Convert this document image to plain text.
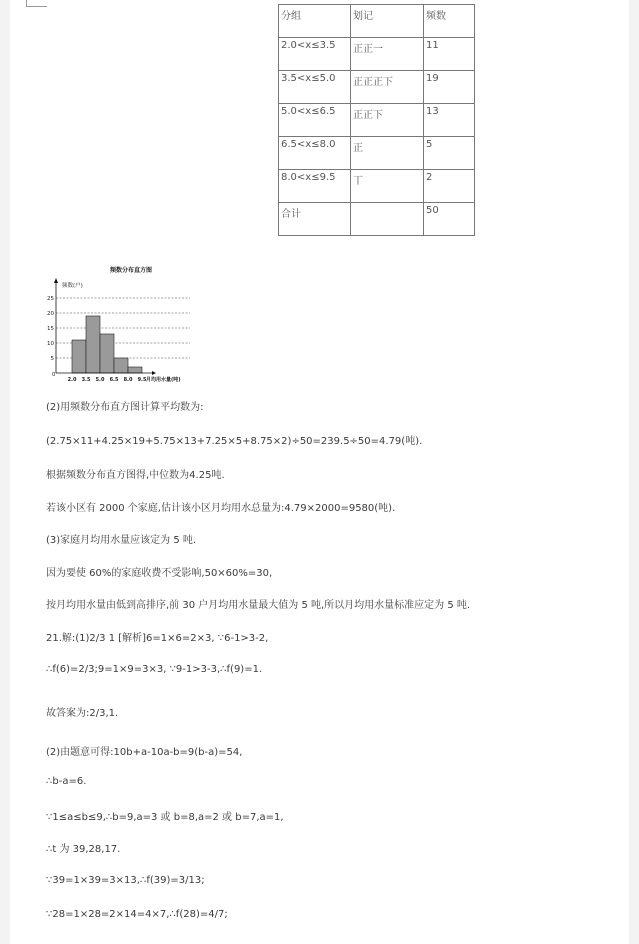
分组	划记	频数
2.0<x≤3.5	正正一	11
3.5<x≤5.0	正正正下	19
5.0<x≤6.5	正正下	13
6.5<x≤8.0	正	5
8.0<x≤9.5	丅	2
合计		50
频数分布直方图
频数(户)
5
10
15
20
25
0
2.0 3.5 5.0 6.5 8.0 9.5 月均用水量(吨)
(2)用频数分布直方图计算平均数为:
(2.75×11+4.25×19+5.75×13+7.25×5+8.75×2)÷50=239.5÷50=4.79(吨).
根据频数分布直方图得,中位数为4.25吨.
若该小区有 2000 个家庭,估计该小区月均用水总量为:4.79×2000=9580(吨).
(3)家庭月均用水量应该定为 5 吨.
因为要使 60%的家庭收费不受影响,50×60%=30,
按月均用水量由低到高排序,前 30 户月均用水量最大值为 5 吨,所以月均用水量标准应定为 5 吨.
21.解:(1)2/3 1 [解析]6=1×6=2×3, ∵6-1>3-2,
∴f(6)=2/3;9=1×9=3×3, ∵9-1>3-3,∴f(9)=1.
故答案为:2/3,1.
(2)由题意可得:10b+a-10a-b=9(b-a)=54,
∴b-a=6.
∵1≤a≤b≤9,∴b=9,a=3 或 b=8,a=2 或 b=7,a=1,
∴t 为 39,28,17.
∵39=1×39=3×13,∴f(39)=3/13;
∵28=1×28=2×14=4×7,∴f(28)=4/7;
